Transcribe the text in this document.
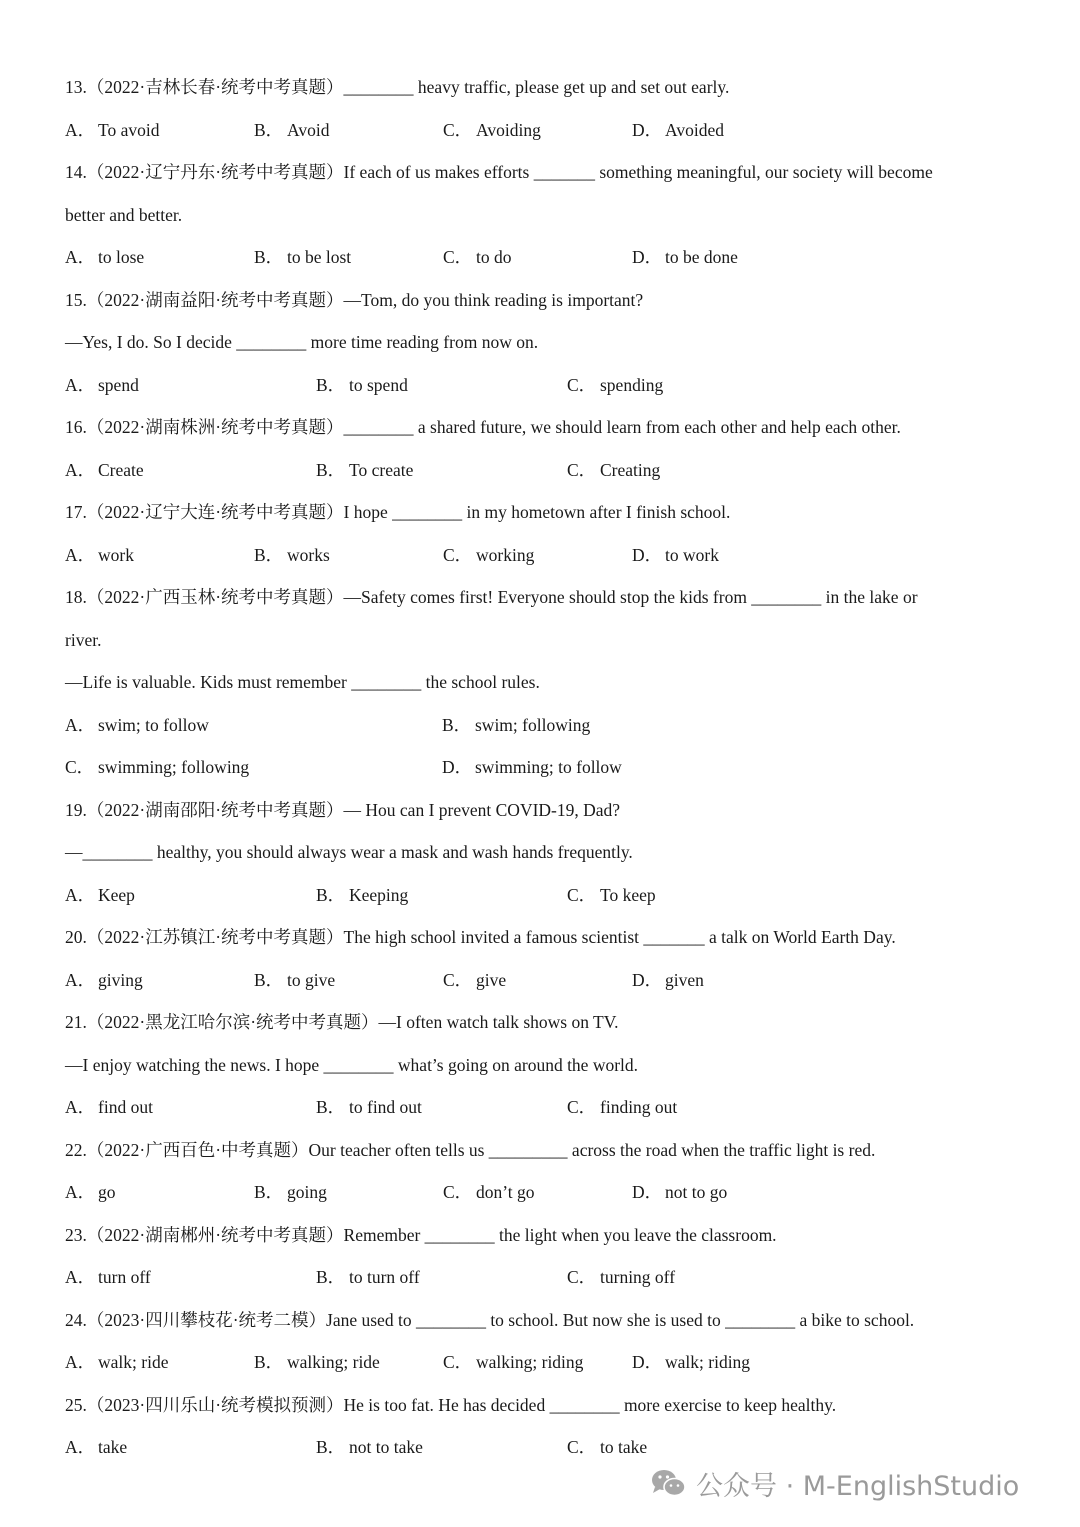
13.（2022·吉林长春·统考中考真题）________ heavy traffic, please get up and set out early.
A． To avoid	B． Avoid	C． Avoiding	D． Avoided
14.（2022·辽宁丹东·统考中考真题）If each of us makes efforts _______ something meaningful, our society will become
better and better.
A． to lose	B． to be lost	C． to do	D． to be done
15.（2022·湖南益阳·统考中考真题）—Tom, do you think reading is important?
—Yes, I do. So I decide ________ more time reading from now on.
A． spend	B． to spend	C． spending
16.（2022·湖南株洲·统考中考真题）________ a shared future, we should learn from each other and help each other.
A． Create	B． To create	C． Creating
17.（2022·辽宁大连·统考中考真题）I hope ________ in my hometown after I finish school.
A． work	B． works	C． working	D． to work
18.（2022·广西玉林·统考中考真题）—Safety comes first! Everyone should stop the kids from ________ in the lake or
river.
—Life is valuable. Kids must remember ________ the school rules.
A． swim; to follow	B． swim; following
C． swimming; following	D． swimming; to follow
19.（2022·湖南邵阳·统考中考真题）— Hou can I prevent COVID-19, Dad?
—________ healthy, you should always wear a mask and wash hands frequently.
A． Keep	B． Keeping	C． To keep
20.（2022·江苏镇江·统考中考真题）The high school invited a famous scientist _______ a talk on World Earth Day.
A． giving	B． to give	C． give	D． given
21.（2022·黑龙江哈尔滨·统考中考真题）—I often watch talk shows on TV.
—I enjoy watching the news. I hope ________ what’s going on around the world.
A． find out	B． to find out	C． finding out
22.（2022·广西百色·中考真题）Our teacher often tells us _________ across the road when the traffic light is red.
A． go	B． going	C． don’t go	D． not to go
23.（2022·湖南郴州·统考中考真题）Remember ________ the light when you leave the classroom.
A． turn off	B． to turn off	C． turning off
24.（2023·四川攀枝花·统考二模）Jane used to ________ to school. But now she is used to ________ a bike to school.
A． walk; ride	B． walking; ride	C． walking; riding	D． walk; riding
25.（2023·四川乐山·统考模拟预测）He is too fat. He has decided ________ more exercise to keep healthy.
A． take	B． not to take	C． to take
公众号 · M-EnglishStudio
